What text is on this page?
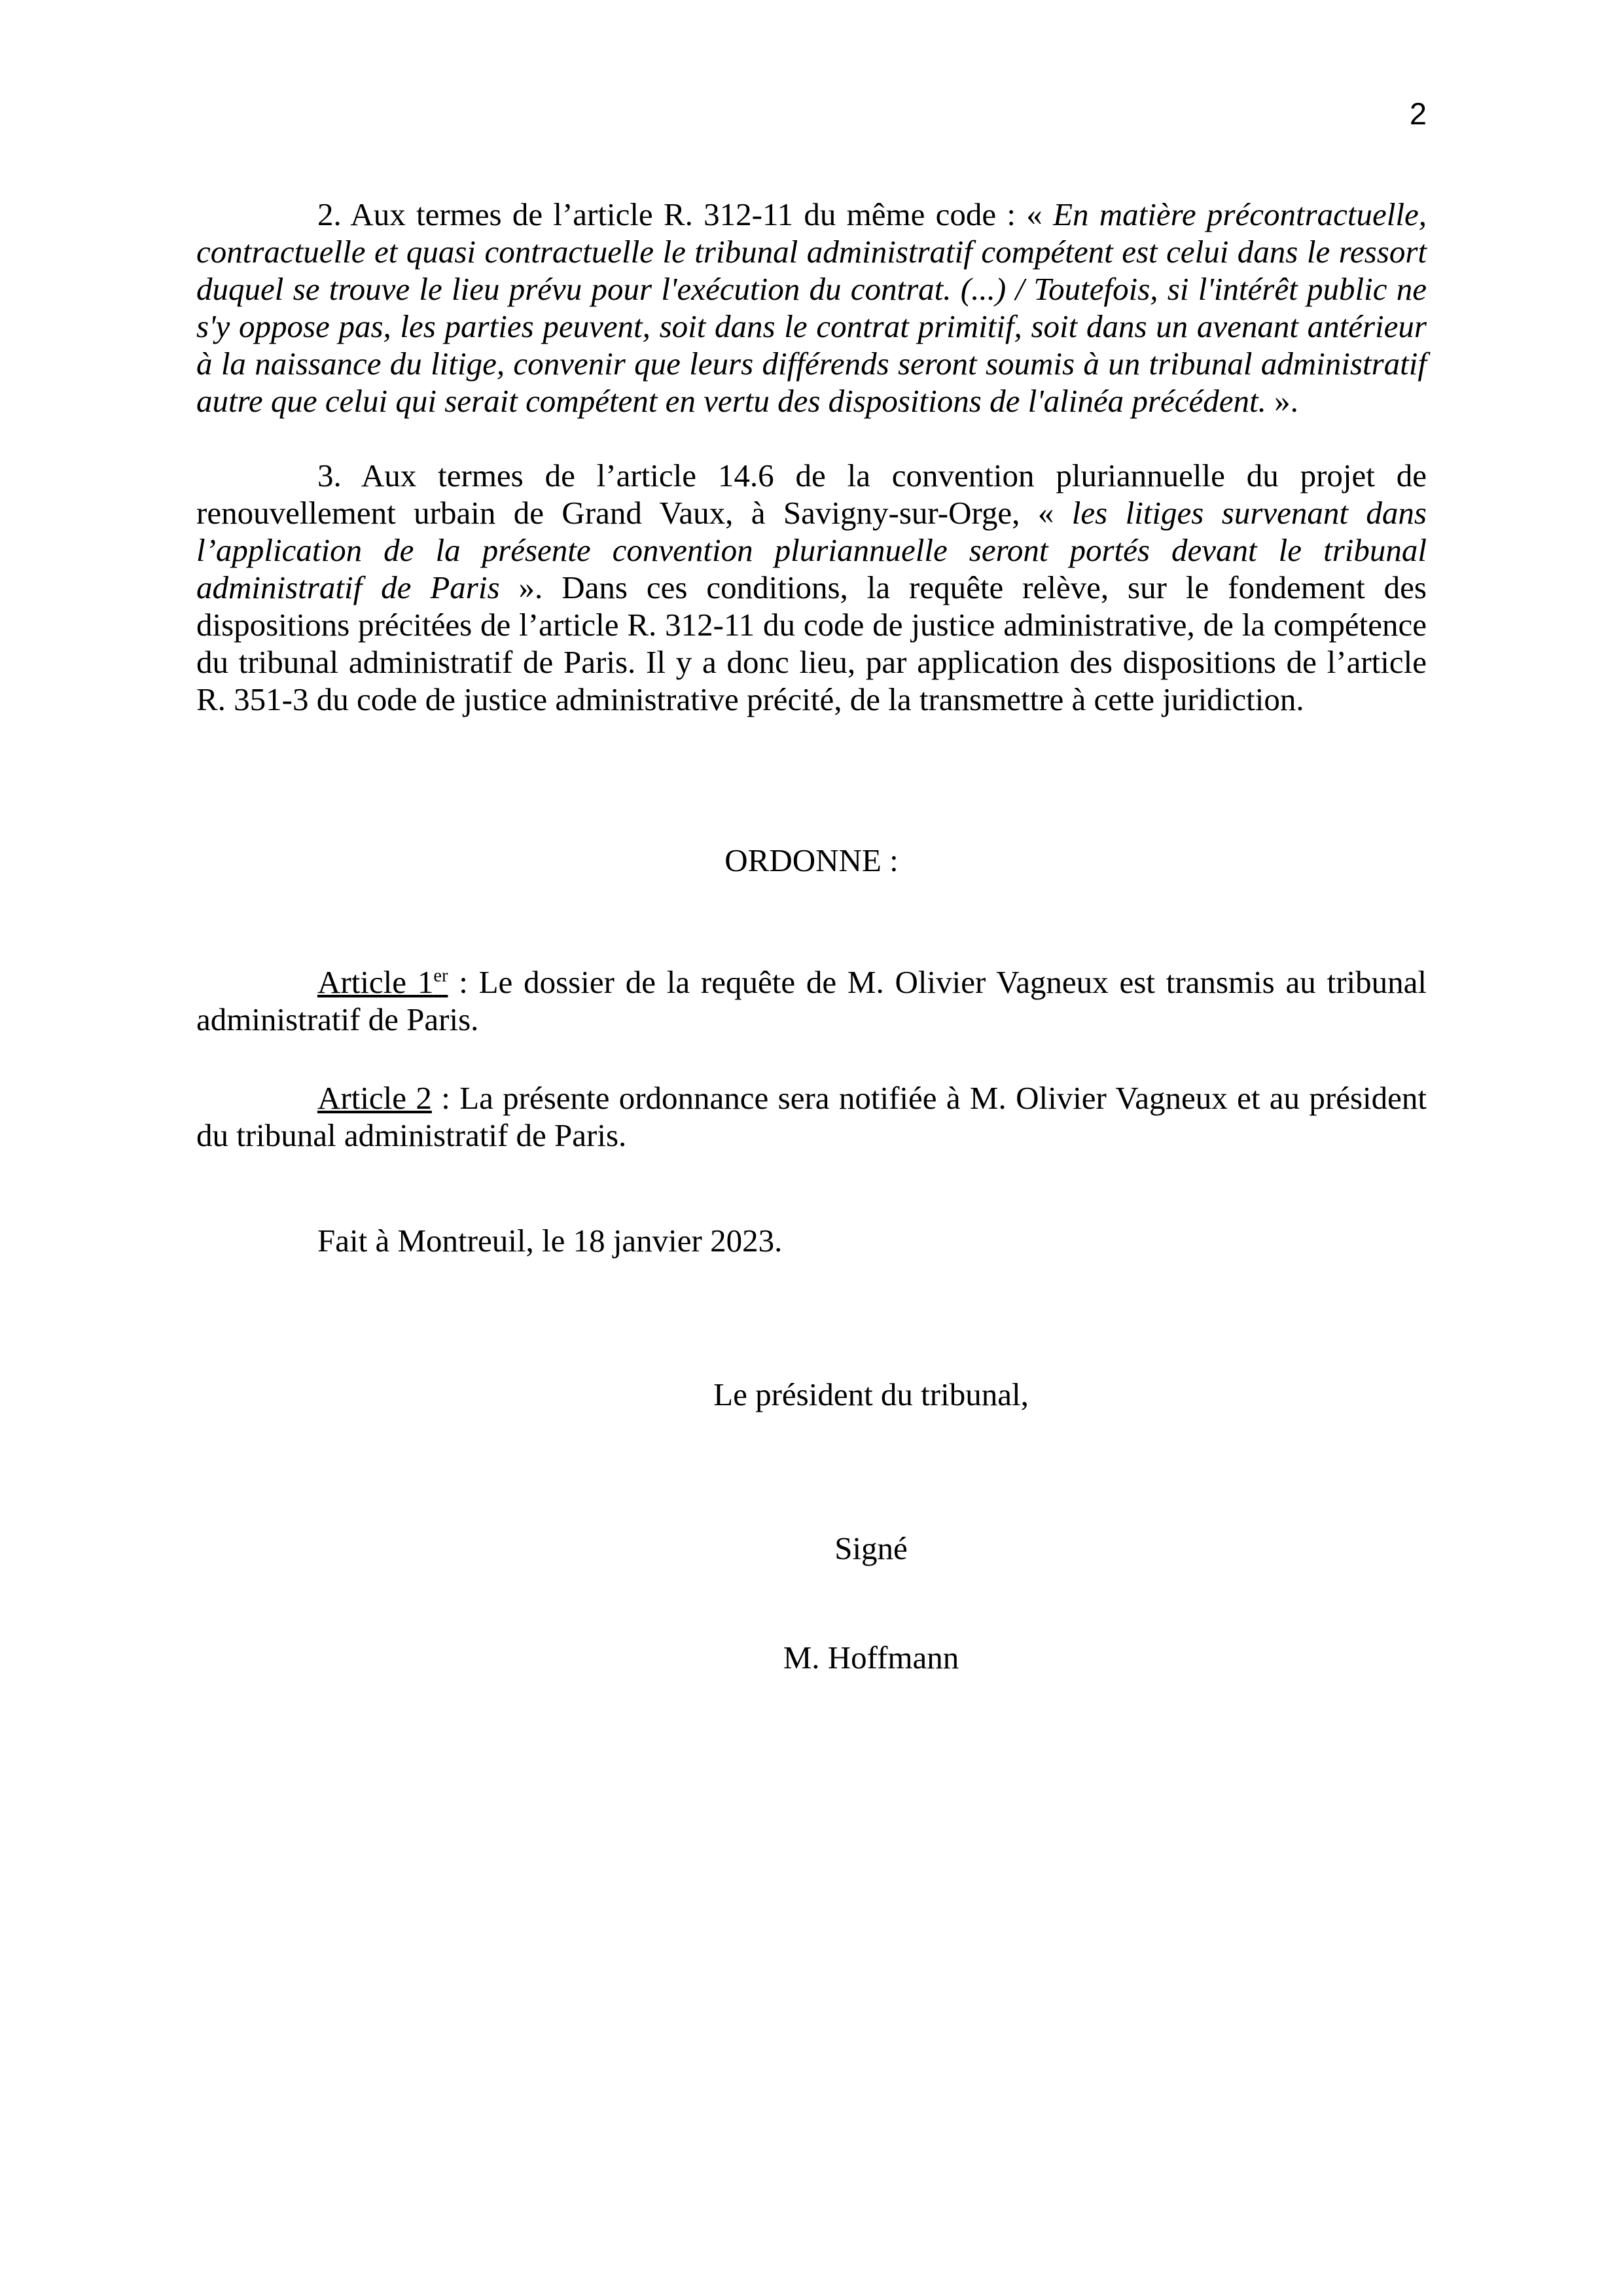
2

2. Aux termes de l’article R. 312-11 du même code : « En matière précontractuelle, contractuelle et quasi contractuelle le tribunal administratif compétent est celui dans le ressort duquel se trouve le lieu prévu pour l'exécution du contrat. (...) / Toutefois, si l'intérêt public ne s'y oppose pas, les parties peuvent, soit dans le contrat primitif, soit dans un avenant antérieur à la naissance du litige, convenir que leurs différends seront soumis à un tribunal administratif autre que celui qui serait compétent en vertu des dispositions de l'alinéa précédent. ».

3. Aux termes de l’article 14.6 de la convention pluriannuelle du projet de renouvellement urbain de Grand Vaux, à Savigny-sur-Orge, « les litiges survenant dans l’application de la présente convention pluriannuelle seront portés devant le tribunal administratif de Paris ». Dans ces conditions, la requête relève, sur le fondement des dispositions précitées de l’article R. 312-11 du code de justice administrative, de la compétence du tribunal administratif de Paris. Il y a donc lieu, par application des dispositions de l’article R. 351-3 du code de justice administrative précité, de la transmettre à cette juridiction.

ORDONNE :

Article 1er : Le dossier de la requête de M. Olivier Vagneux est transmis au tribunal administratif de Paris.

Article 2 : La présente ordonnance sera notifiée à M. Olivier Vagneux et au président du tribunal administratif de Paris.

Fait à Montreuil, le 18 janvier 2023.

Le président du tribunal,

Signé

M. Hoffmann
